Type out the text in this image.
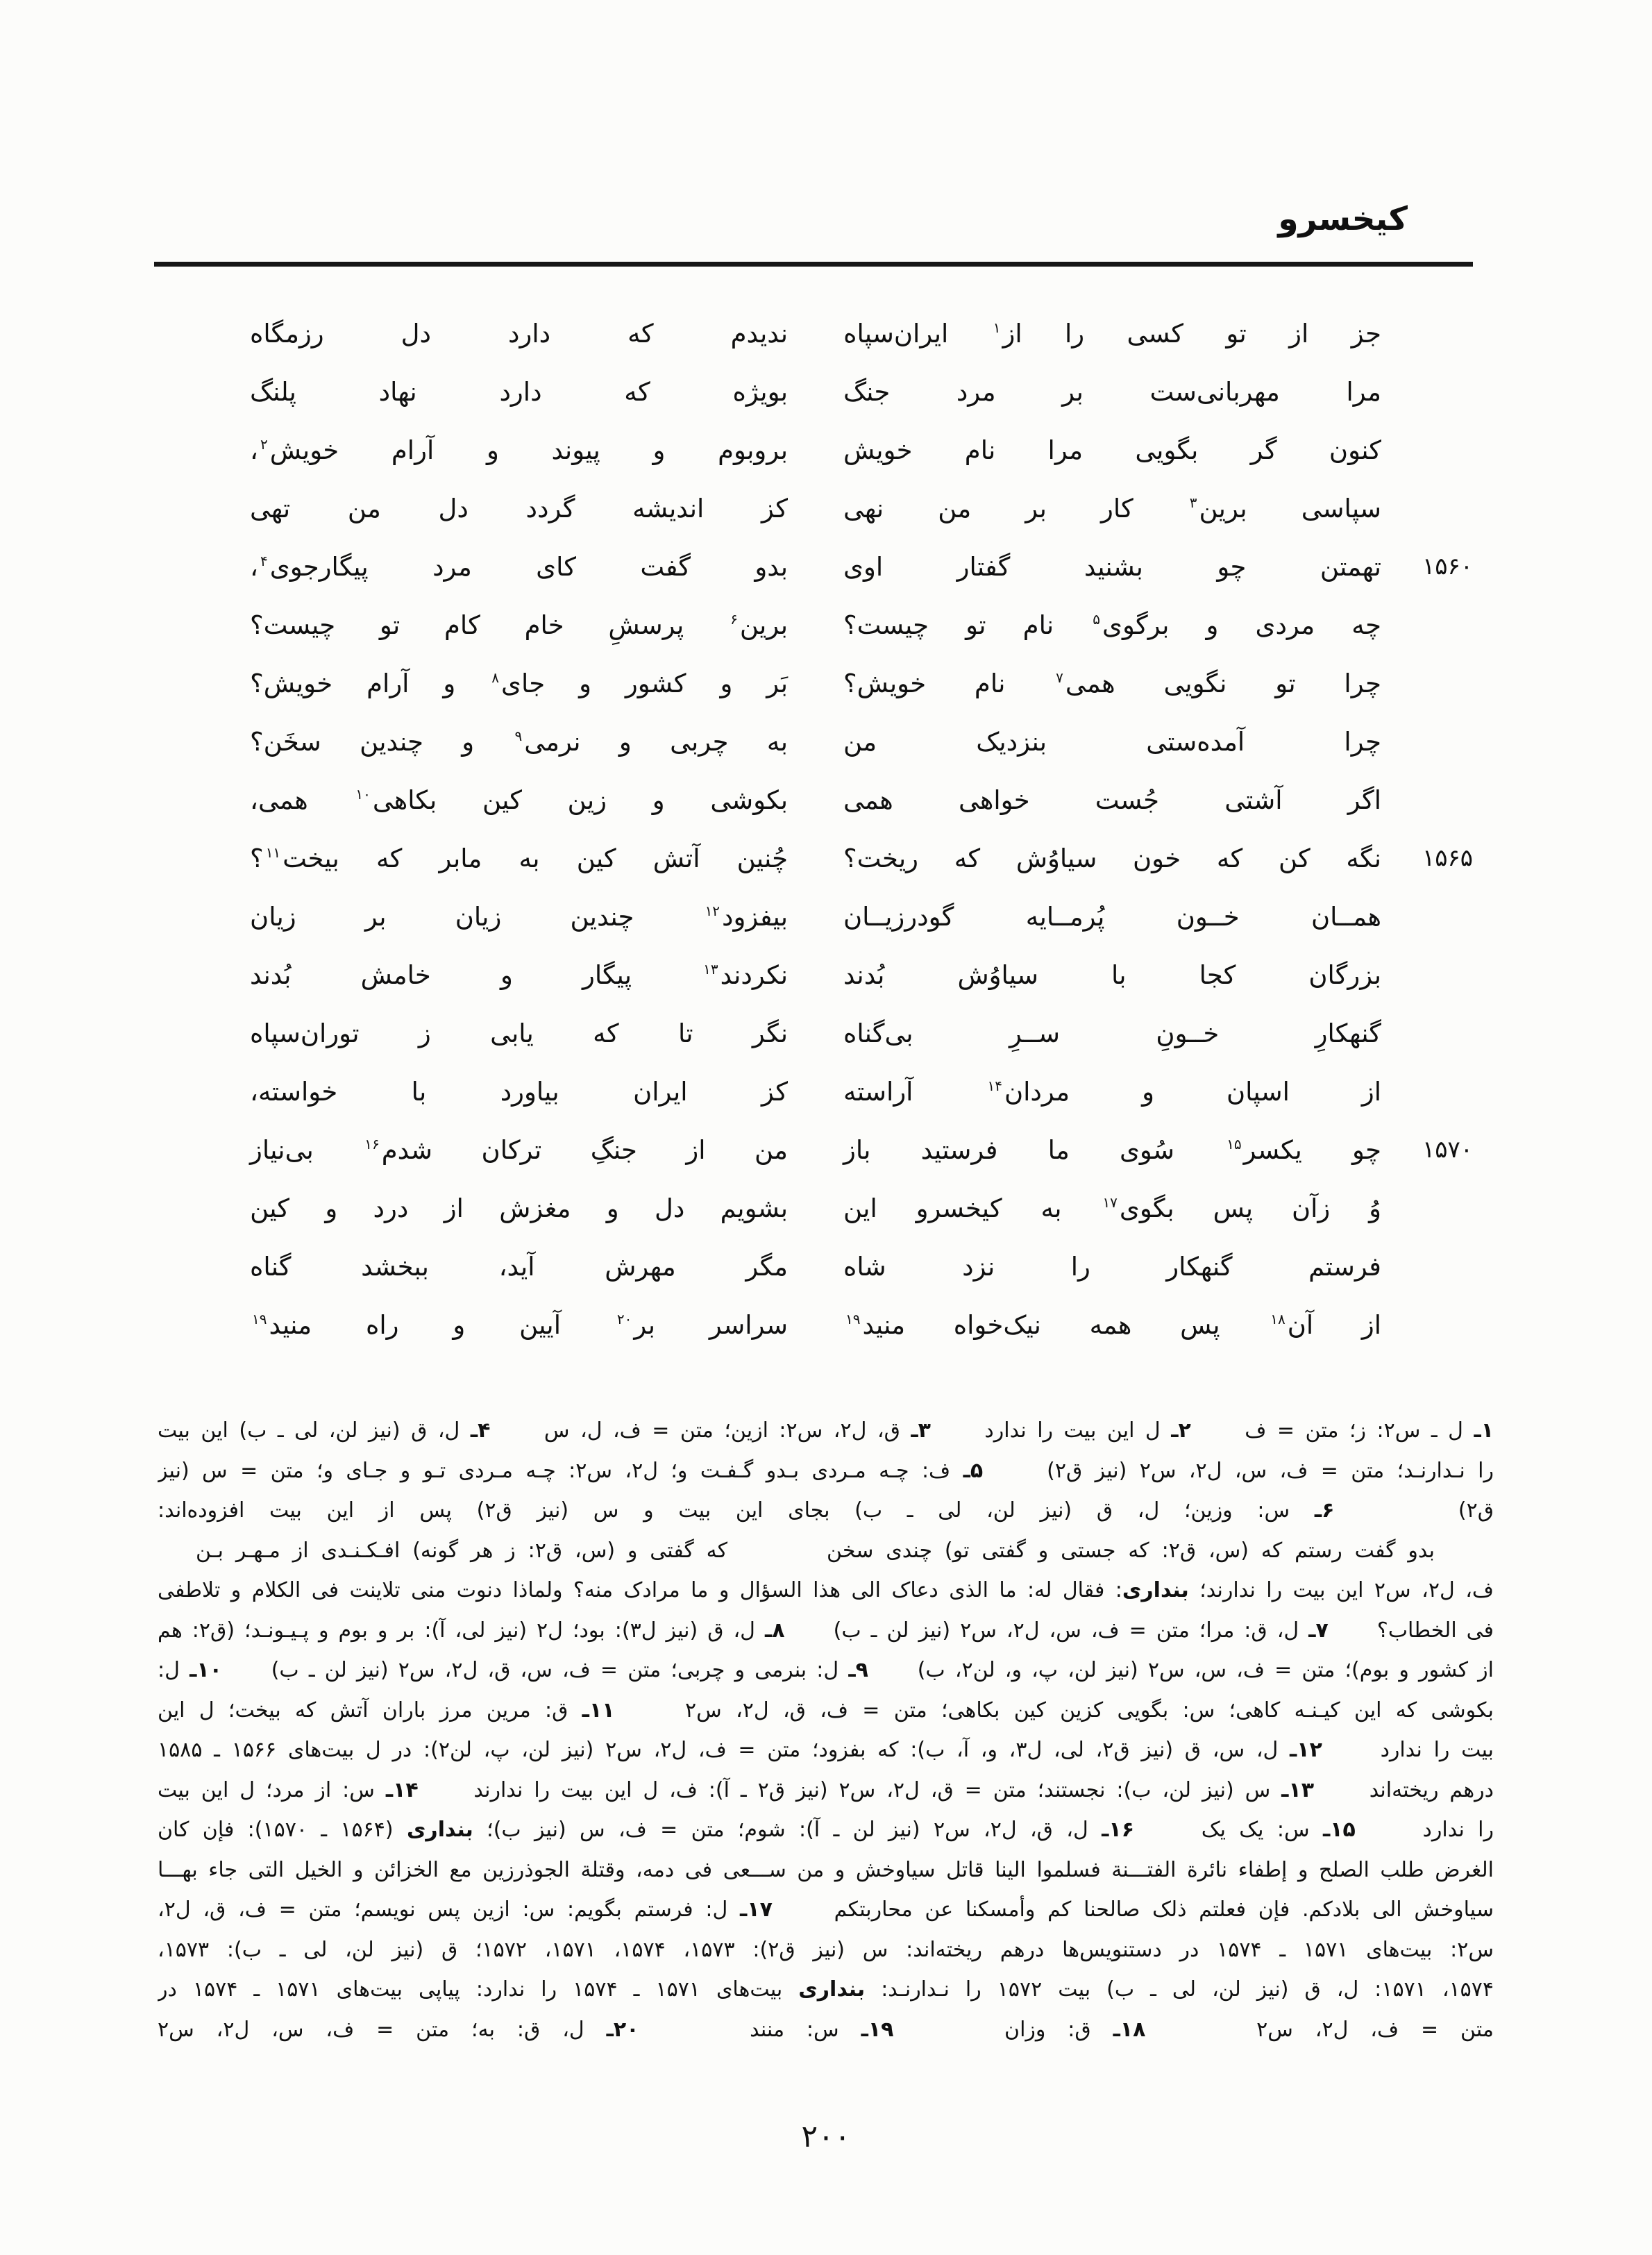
کیخسرو
جز
از
تو
کسی
را
از$^۱$
ایران‌سپاه
ندیدم
که
دارد
دل
رزمگاه
مرا
مهربانی‌ست
بر
مرد
جنگ
بویژه
که
دارد
نهاد
پلنگ
کنون
گر
بگویی
مرا
نام
خویش
بروبوم
و
پیوند
و
آرام
خویش$^۲$،
سپاسی
برین$^۳$
کار
بر
من
نهی
کز
اندیشه
گردد
دل
من
تهی
۱۵۶۰
تهمتن
چو
بشنید
گفتار
اوی
بدو
گفت
کای
مرد
پیگارجوی$^۴$،
چه
مردی
و
برگوی$^۵$
نام
تو
چیست؟
برین$^۶$
پرسشِ
خام
کام
تو
چیست؟
چرا
تو
نگویی
همی$^۷$
نام
خویش؟
بَر
و
کشور
و
جای$^۸$
و
آرام
خویش؟
چرا
آمده‌ستی
بنزدیک
من
به
چربی
و
نرمی$^۹$
و
چندین
سخَن؟
اگر
آشتی
جُست
خواهی
همی
بکوشی
و
زین
کین
بکاهی$^{۱۰}$
همی،
۱۵۶۵
نگه
کن
که
خون
سیاوُش
که
ریخت؟
چُنین
آتش
کین
به
مابر
که
بیخت$^{۱۱}$؟
همــان
خــون
پُرمــایه
گودرزیــان
بیفزود$^{۱۲}$
چندین
زیان
بر
زیان
بزرگان
کجا
با
سیاوُش
بُدند
نکردند$^{۱۳}$
پیگار
و
خامش
بُدند
گنهکارِ
خــونِ
ســرِ
بی‌گناه
نگر
تا
که
یابی
ز
توران‌سپاه
از
اسپان
و
مردان$^{۱۴}$
آراسته
کز
ایران
بیاورد
با
خواسته،
۱۵۷۰
چو
یکسر$^{۱۵}$
سُوی
ما
فرستید
باز
من
از
جنگِ
ترکان
شدم$^{۱۶}$
بی‌نیاز
وُ
زآن
پس
بگوی$^{۱۷}$
به
کیخسرو
این
بشویم
دل
و
مغزش
از
درد
و
کین
فرستم
گنهکار
را
نزد
شاه
مگر
مهرش
آید،
ببخشد
گناه
از
آن$^{۱۸}$
پس
همه
نیک‌خواه
منید$^{۱۹}$
سراسر
بر$^{۲۰}$
آیین
و
راه
منید$^{۱۹}$
۱ـ ل ـ س۲: ز؛ متن = ف     ۲ـ ل این بیت را ندارد     ۳ـ ق، ل۲، س۲: ازین؛ متن = ف، ل، س     ۴ـ ل، ق (نیز لن، لی ـ ب) این بیت
را نـدارنـد؛ متن = ف، س، ل۲، س۲ (نیز ق۲)     ۵ـ ف: چـه مـردی بـدو گـفـت و؛ ل۲، س۲: چـه مـردی تـو و جـای و؛ متن = س (نیز
ق۲)     ۶ـ س: وزین؛ ل، ق (نیز لن، لی ـ ب) بجای این بیت و س (نیز ق۲) پس از این بیت افزوده‌اند:
بدو گفت رستم که (س، ق۲: که جستی و گفتی تو) چندی سخن        که گفتی و (س، ق۲: ز هر گونه) افـکـنـدی از مـهـر بـن
ف، ل۲، س۲ این بیت را ندارند؛ بنداری: فقال له: ما الذی دعاک الی هذا السؤال و ما مرادک منه؟ ولماذا دنوت منی تلاینت فی الکلام و تلاطفی
فی الخطاب؟     ۷ـ ل، ق: مرا؛ متن = ف، س، ل۲، س۲ (نیز لن ـ ب)     ۸ـ ل، ق (نیز ل۳): بود؛ ل۲ (نیز لی، آ): بر و بوم و پـیـونـد؛ (ق۲: هم
از کشور و بوم)؛ متن = ف، س، س۲ (نیز لن، پ، و، لن۲، ب)     ۹ـ ل: بنرمی و چربی؛ متن = ف، س، ق، ل۲، س۲ (نیز لن ـ ب)     ۱۰ـ ل:
بکوشی که این کیـنـه کاهی؛ س: بگویی کزین کین بکاهی؛ متن = ف، ق، ل۲، س۲     ۱۱ـ ق: مرین مرز باران آتش که بیخت؛ ل این
بیت را ندارد     ۱۲ـ ل، س، ق (نیز ق۲، لی، ل۳، و، آ، ب): که بفزود؛ متن = ف، ل۲، س۲ (نیز لن، پ، لن۲): در ل بیت‌های ۱۵۶۶ ـ ۱۵۸۵
درهم ریخته‌اند     ۱۳ـ س (نیز لن، ب): نجستند؛ متن = ق، ل۲، س۲ (نیز ق۲ ـ آ): ف، ل این بیت را ندارند     ۱۴ـ س: از مرد؛ ل این بیت
را ندارد     ۱۵ـ س: یک یک     ۱۶ـ ل، ق، ل۲، س۲ (نیز لن ـ آ): شوم؛ متن = ف، س (نیز ب)؛ بنداری (۱۵۶۴ ـ ۱۵۷۰): فإن کان
الغرض طلب الصلح و إطفاء نائرة الفتـــنة فسلموا الینا قاتل سیاوخش و من ســـعی فی دمه، وقتلة الجوذرزین مع الخزائن و الخیل التی جاء بهـــا
سیاوخش الی بلادکم. فإن فعلتم ذلک صالحنا کم وأمسکنا عن محاربتکم     ۱۷ـ ل: فرستم بگویم: س: ازین پس نویسم؛ متن = ف، ق، ل۲،
س۲: بیت‌های ۱۵۷۱ ـ ۱۵۷۴ در دستنویس‌ها درهم ریخته‌اند: س (نیز ق۲): ۱۵۷۳، ۱۵۷۴، ۱۵۷۱، ۱۵۷۲؛ ق (نیز لن، لی ـ ب): ۱۵۷۳،
۱۵۷۴، ۱۵۷۱: ل، ق (نیز لن، لی ـ ب) بیت ۱۵۷۲ را نـدارنـد: بنداری بیت‌های ۱۵۷۱ ـ ۱۵۷۴ را ندارد: پیاپی بیت‌های ۱۵۷۱ ـ ۱۵۷۴ در
متن = ف، ل۲، س۲     ۱۸ـ ق: وزان     ۱۹ـ س: منند     ۲۰ـ ل، ق: به؛ متن = ف، س، ل۲، س۲
۲۰۰
